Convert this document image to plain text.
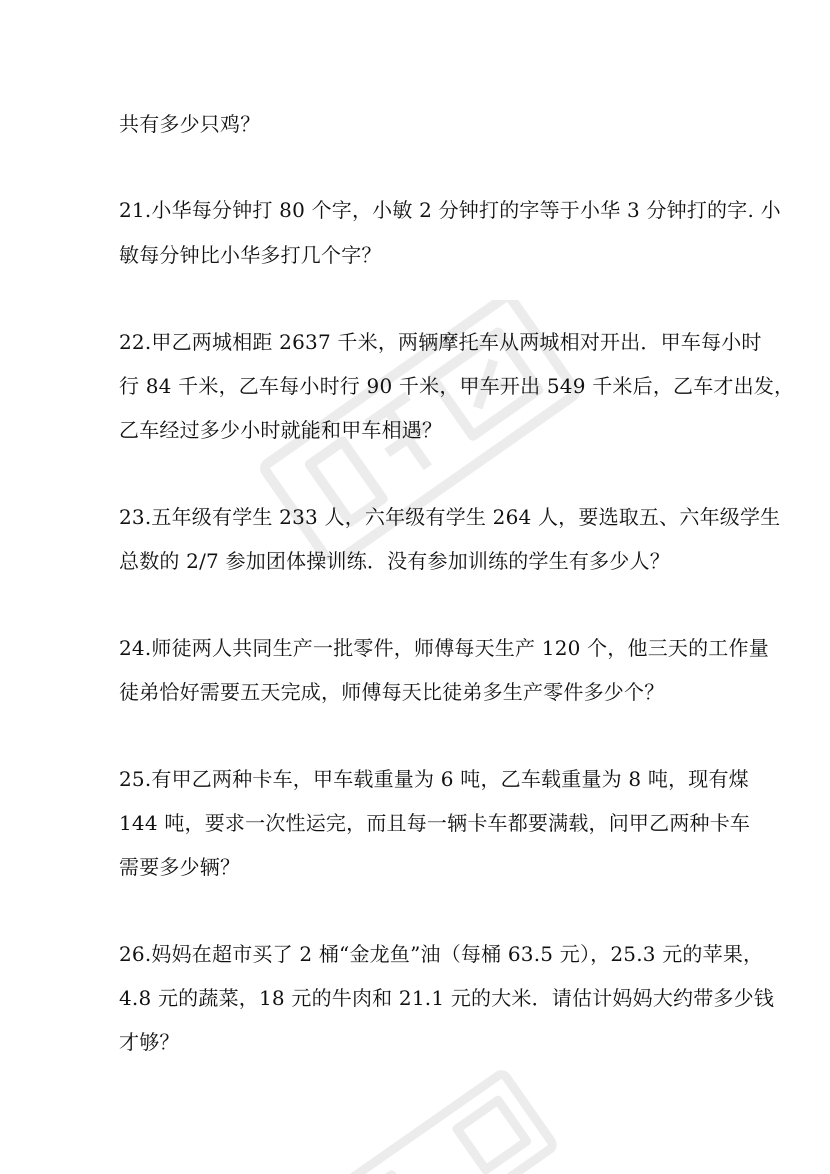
共有多少只鸡？
21.小华每分钟打 80 个字，小敏 2 分钟打的字等于小华 3 分钟打的字. 小
敏每分钟比小华多打几个字？
22.甲乙两城相距 2637 千米，两辆摩托车从两城相对开出．甲车每小时
行 84 千米，乙车每小时行 90 千米，甲车开出 549 千米后，乙车才出发，
乙车经过多少小时就能和甲车相遇？
23.五年级有学生 233 人，六年级有学生 264 人，要选取五、六年级学生
总数的 2/7 参加团体操训练．没有参加训练的学生有多少人？
24.师徒两人共同生产一批零件，师傅每天生产 120 个，他三天的工作量
徒弟恰好需要五天完成，师傅每天比徒弟多生产零件多少个？
25.有甲乙两种卡车，甲车载重量为 6 吨，乙车载重量为 8 吨，现有煤
144 吨，要求一次性运完，而且每一辆卡车都要满载，问甲乙两种卡车
需要多少辆？
26.妈妈在超市买了 2 桶“金龙鱼”油（每桶 63.5 元），25.3 元的苹果，
4.8 元的蔬菜，18 元的牛肉和 21.1 元的大米．请估计妈妈大约带多少钱
才够？
